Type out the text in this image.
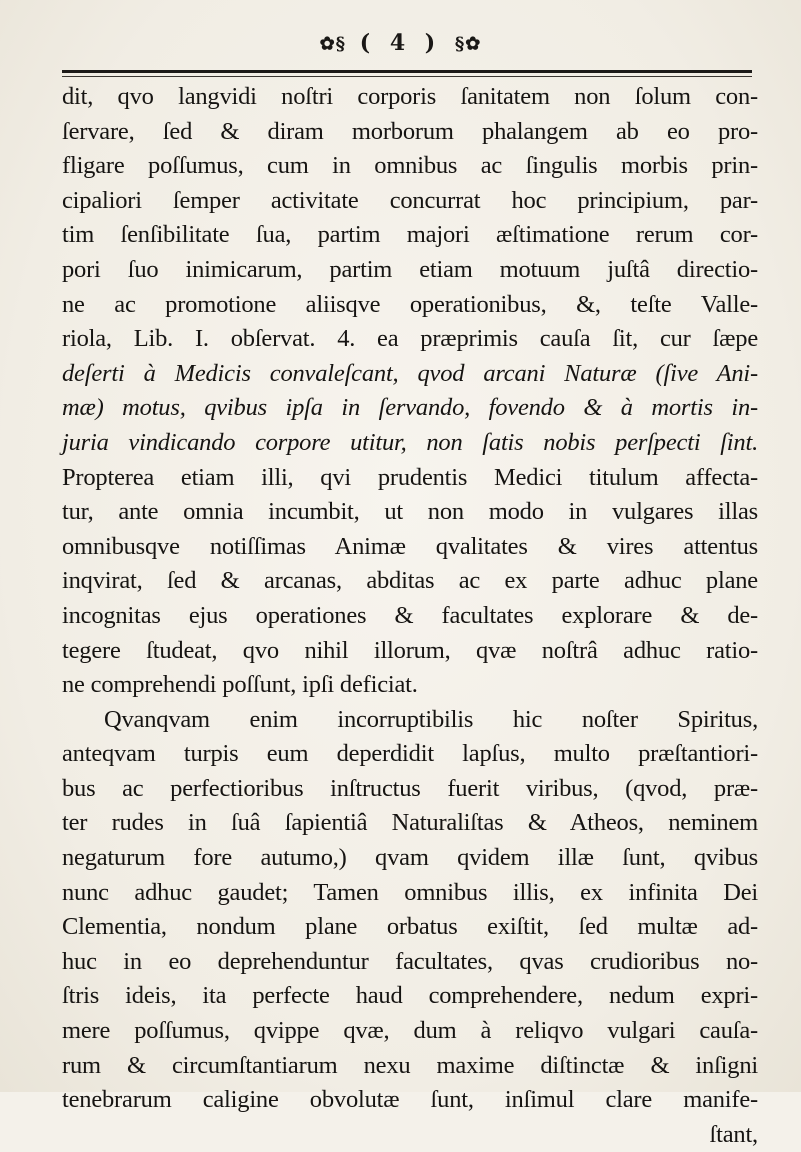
✿§ ( 4 ) §✿
dit, qvo langvidi noſtri corporis ſanitatem non ſolum con-
ſervare, ſed & diram morborum phalangem ab eo pro-
fligare poſſumus, cum in omnibus ac ſingulis morbis prin-
cipaliori ſemper activitate concurrat hoc principium, par-
tim ſenſibilitate ſua, partim majori æſtimatione rerum cor-
pori ſuo inimicarum, partim etiam motuum juſtâ directio-
ne ac promotione aliisqve operationibus, &, teſte Valle-
riola, Lib. I. obſervat. 4. ea præprimis cauſa ſit, cur ſæpe
deſerti à Medicis convaleſcant, qvod arcani Naturæ (ſive Ani-
mæ) motus, qvibus ipſa in ſervando, fovendo & à mortis in-
juria vindicando corpore utitur, non ſatis nobis perſpecti ſint.
Propterea etiam illi, qvi prudentis Medici titulum affecta-
tur, ante omnia incumbit, ut non modo in vulgares illas
omnibusqve notiſſimas Animæ qvalitates & vires attentus
inqvirat, ſed & arcanas, abditas ac ex parte adhuc plane
incognitas ejus operationes & facultates explorare & de-
tegere ſtudeat, qvo nihil illorum, qvæ noſtrâ adhuc ratio-
ne comprehendi poſſunt, ipſi deficiat.
Qvanqvam enim incorruptibilis hic noſter Spiritus,
anteqvam turpis eum deperdidit lapſus, multo præſtantiori-
bus ac perfectioribus inſtructus fuerit viribus, (qvod, præ-
ter rudes in ſuâ ſapientiâ Naturaliſtas & Atheos, neminem
negaturum fore autumo,) qvam qvidem illæ ſunt, qvibus
nunc adhuc gaudet; Tamen omnibus illis, ex infinita Dei
Clementia, nondum plane orbatus exiſtit, ſed multæ ad-
huc in eo deprehenduntur facultates, qvas crudioribus no-
ſtris ideis, ita perfecte haud comprehendere, nedum expri-
mere poſſumus, qvippe qvæ, dum à reliqvo vulgari cauſa-
rum & circumſtantiarum nexu maxime diſtinctæ & inſigni
tenebrarum caligine obvolutæ ſunt, inſimul clare manife-
ſtant,
